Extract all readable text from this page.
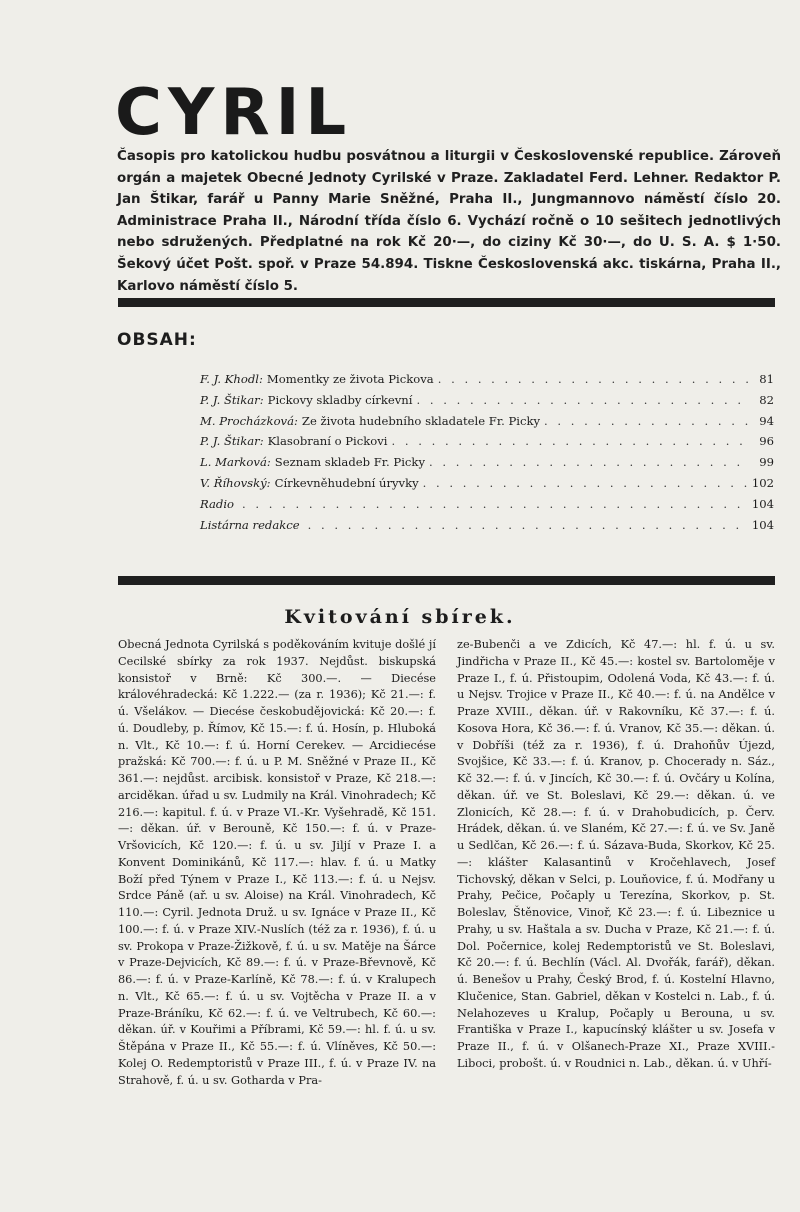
CYRIL

Časopis pro katolickou hudbu posvátnou a liturgii v Československé republice. Zároveň orgán a majetek Obecné Jednoty Cyrilské v Praze. Zakladatel Ferd. Lehner. Redaktor P. Jan Štikar, farář u Panny Marie Sněžné, Praha II., Jungmannovo náměstí číslo 20. Administrace Praha II., Národní třída číslo 6. Vychází ročně o 10 sešitech jednotlivých nebo sdružených. Předplatné na rok Kč 20·—, do ciziny Kč 30·—, do U. S. A. $ 1·50. Šekový účet Pošt. spoř. v Praze 54.894. Tiskne Československá akc. tiskárna, Praha II., Karlovo náměstí číslo 5.

OBSAH:
F. J. Khodl: Momentky ze života Pickova . . .	81
P. J. Štikar: Pickovy skladby církevní . . .	82
M. Procházková: Ze života hudebního skladatele Fr. Picky . . .	94
P. J. Štikar: Klasobraní o Pickovi . . .	96
L. Marková: Seznam skladeb Fr. Picky . . .	99
V. Říhovský: Církevněhudební úryvky . . .	102
Radio . . .	104
Listárna redakce . . .	104
Kvitování sbírek.

Obecná Jednota Cyrilská s poděkováním kvituje došlé jí Cecilské sbírky za rok 1937. Nejdůst. biskupská konsistoř v Brně: Kč 300.—. — Diecése královéhradecká: Kč 1.222.— (za r. 1936); Kč 21.—: f. ú. Všelákov. — Diecése českobudějovická: Kč 20.—: f. ú. Doudleby, p. Římov, Kč 15.—: f. ú. Hosín, p. Hluboká n. Vlt., Kč 10.—: f. ú. Horní Cerekev. — Arcidiecése pražská: Kč 700.—: f. ú. u P. M. Sněžné v Praze II., Kč 361.—: nejdůst. arcibisk. konsistoř v Praze, Kč 218.—: arciděkan. úřad u sv. Ludmily na Král. Vinohradech; Kč 216.—: kapitul. f. ú. v Praze VI.-Kr. Vyšehradě, Kč 151.—: děkan. úř. v Berouně, Kč 150.—: f. ú. v Praze-Vršovicích, Kč 120.—: f. ú. u sv. Jiljí v Praze I. a Konvent Dominikánů, Kč 117.—: hlav. f. ú. u Matky Boží před Týnem v Praze I., Kč 113.—: f. ú. u Nejsv. Srdce Páně (ař. u sv. Aloise) na Král. Vinohradech, Kč 110.—: Cyril. Jednota Druž. u sv. Ignáce v Praze II., Kč 100.—: f. ú. v Praze XIV.-Nuslích (též za r. 1936), f. ú. u sv. Prokopa v Praze-Žižkově, f. ú. u sv. Matěje na Šárce v Praze-Dejvicích, Kč 89.—: f. ú. v Praze-Břevnově, Kč 86.—: f. ú. v Praze-Karlíně, Kč 78.—: f. ú. v Kralupech n. Vlt., Kč 65.—: f. ú. u sv. Vojtěcha v Praze II. a v Praze-Bráníku, Kč 62.—: f. ú. ve Veltrubech, Kč 60.—: děkan. úř. v Kouřimi a Příbrami, Kč 59.—: hl. f. ú. u sv. Štěpána v Praze II., Kč 55.—: f. ú. Vlíněves, Kč 50.—: Kolej O. Redemptoristů v Praze III., f. ú. v Praze IV. na Strahově, f. ú. u sv. Gotharda v Pra-

ze-Bubenči a ve Zdicích, Kč 47.—: hl. f. ú. u sv. Jindřicha v Praze II., Kč 45.—: kostel sv. Bartoloměje v Praze I., f. ú. Přistoupim, Odolená Voda, Kč 43.—: f. ú. u Nejsv. Trojice v Praze II., Kč 40.—: f. ú. na Andělce v Praze XVIII., děkan. úř. v Rakovníku, Kč 37.—: f. ú. Kosova Hora, Kč 36.—: f. ú. Vranov, Kč 35.—: děkan. ú. v Dobříši (též za r. 1936), f. ú. Drahoňův Újezd, Svojšice, Kč 33.—: f. ú. Kranov, p. Chocerady n. Sáz., Kč 32.—: f. ú. v Jincích, Kč 30.—: f. ú. Ovčáry u Kolína, děkan. úř. ve St. Boleslavi, Kč 29.—: děkan. ú. ve Zlonicích, Kč 28.—: f. ú. v Drahobudicích, p. Červ. Hrádek, děkan. ú. ve Slaném, Kč 27.—: f. ú. ve Sv. Janě u Sedlčan, Kč 26.—: f. ú. Sázava-Buda, Skorkov, Kč 25.—: klášter Kalasantinů v Kročehlavech, Josef Tichovský, děkan v Selci, p. Louňovice, f. ú. Modřany u Prahy, Pečice, Počaply u Terezína, Skorkov, p. St. Boleslav, Štěnovice, Vinoř, Kč 23.—: f. ú. Libeznice u Prahy, u sv. Haštala a sv. Ducha v Praze, Kč 21.—: f. ú. Dol. Počernice, kolej Redemptoristů ve St. Boleslavi, Kč 20.—: f. ú. Bechlín (Václ. Al. Dvořák, farář), děkan. ú. Benešov u Prahy, Český Brod, f. ú. Kostelní Hlavno, Klučenice, Stan. Gabriel, děkan v Kostelci n. Lab., f. ú. Nelahozeves u Kralup, Počaply u Berouna, u sv. Františka v Praze I., kapucínský klášter u sv. Josefa v Praze II., f. ú. v Olšanech-Praze XI., Praze XVIII.-Liboci, probošt. ú. v Roudnici n. Lab., děkan. ú. v Uhří-
